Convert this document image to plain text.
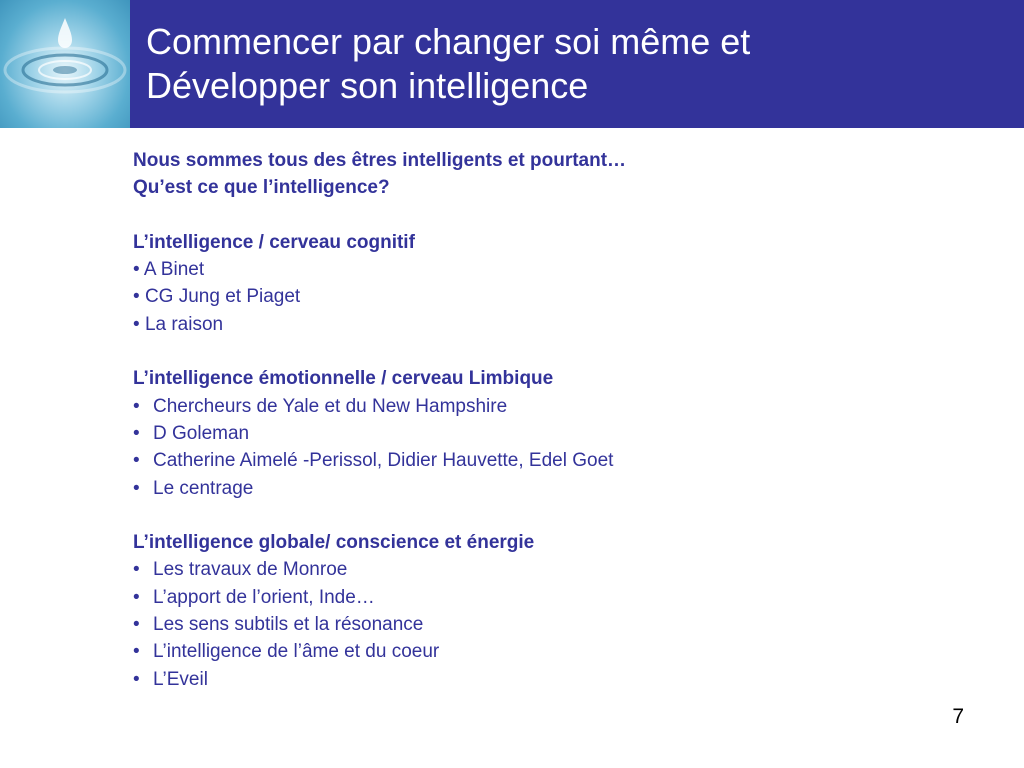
Commencer par changer soi même et
Développer son intelligence
Nous sommes tous des êtres intelligents et pourtant…
Qu’est ce que l’intelligence?
L’intelligence / cerveau cognitif
• A Binet
• CG Jung et Piaget
• La raison
L’intelligence émotionnelle / cerveau Limbique
• Chercheurs de Yale et du New Hampshire
• D Goleman
• Catherine Aimelé -Perissol, Didier Hauvette, Edel Goet
• Le centrage
L’intelligence globale/ conscience et énergie
• Les travaux de Monroe
• L’apport de l’orient, Inde…
• Les sens subtils et la résonance
• L’intelligence de l’âme et du coeur
• L’Eveil
7
